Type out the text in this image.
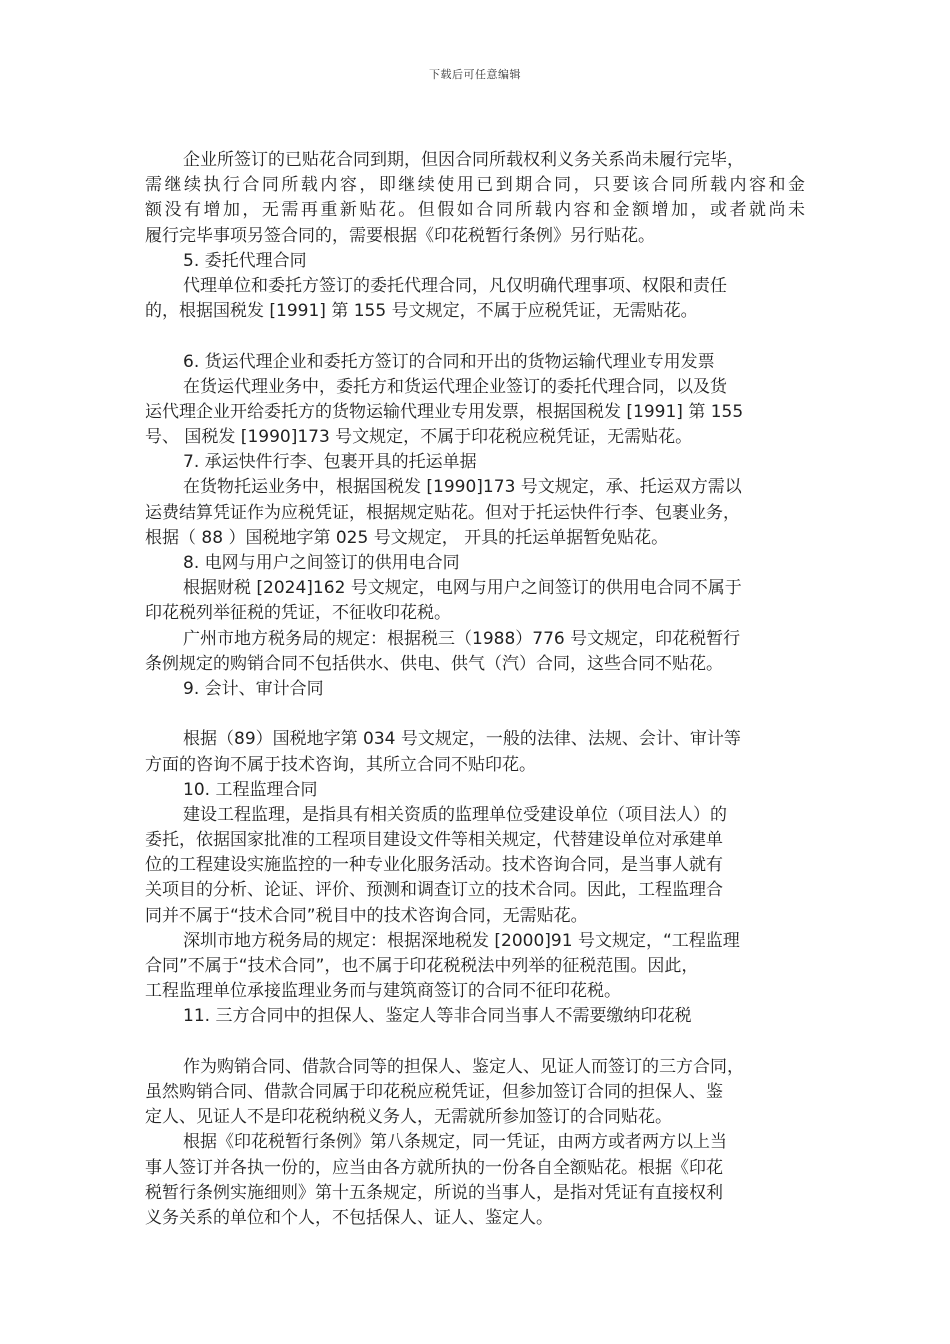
下载后可任意编辑
企业所签订的已贴花合同到期，但因合同所载权利义务关系尚未履行完毕，
需继续执行合同所载内容，即继续使用已到期合同，只要该合同所载内容和金
额没有增加，无需再重新贴花。但假如合同所载内容和金额增加，或者就尚未
履行完毕事项另签合同的，需要根据《印花税暂行条例》另行贴花。
5. 委托代理合同
代理单位和委托方签订的委托代理合同，凡仅明确代理事项、权限和责任
的，根据国税发 [1991] 第 155 号文规定，不属于应税凭证，无需贴花。
6. 货运代理企业和委托方签订的合同和开出的货物运输代理业专用发票
在货运代理业务中，委托方和货运代理企业签订的委托代理合同，以及货
运代理企业开给委托方的货物运输代理业专用发票，根据国税发 [1991] 第 155
号、 国税发 [1990]173 号文规定，不属于印花税应税凭证，无需贴花。
7. 承运快件行李、包裹开具的托运单据
在货物托运业务中，根据国税发 [1990]173 号文规定，承、托运双方需以
运费结算凭证作为应税凭证，根据规定贴花。但对于托运快件行李、包裹业务，
根据（ 88 ）国税地字第 025 号文规定， 开具的托运单据暂免贴花。
8. 电网与用户之间签订的供用电合同
根据财税 [2024]162 号文规定，电网与用户之间签订的供用电合同不属于
印花税列举征税的凭证，不征收印花税。
广州市地方税务局的规定：根据税三（1988）776 号文规定，印花税暂行
条例规定的购销合同不包括供水、供电、供气（汽）合同，这些合同不贴花。
9. 会计、审计合同
根据（89）国税地字第 034 号文规定，一般的法律、法规、会计、审计等
方面的咨询不属于技术咨询，其所立合同不贴印花。
10. 工程监理合同
建设工程监理，是指具有相关资质的监理单位受建设单位（项目法人）的
委托，依据国家批准的工程项目建设文件等相关规定，代替建设单位对承建单
位的工程建设实施监控的一种专业化服务活动。技术咨询合同，是当事人就有
关项目的分析、论证、评价、预测和调查订立的技术合同。因此，工程监理合
同并不属于“技术合同”税目中的技术咨询合同，无需贴花。
深圳市地方税务局的规定：根据深地税发 [2000]91 号文规定，“工程监理
合同”不属于“技术合同”，也不属于印花税税法中列举的征税范围。因此，
工程监理单位承接监理业务而与建筑商签订的合同不征印花税。
11. 三方合同中的担保人、鉴定人等非合同当事人不需要缴纳印花税
作为购销合同、借款合同等的担保人、鉴定人、见证人而签订的三方合同，
虽然购销合同、借款合同属于印花税应税凭证，但参加签订合同的担保人、鉴
定人、见证人不是印花税纳税义务人，无需就所参加签订的合同贴花。
根据《印花税暂行条例》第八条规定，同一凭证，由两方或者两方以上当
事人签订并各执一份的，应当由各方就所执的一份各自全额贴花。根据《印花
税暂行条例实施细则》第十五条规定，所说的当事人，是指对凭证有直接权利
义务关系的单位和个人，不包括保人、证人、鉴定人。
